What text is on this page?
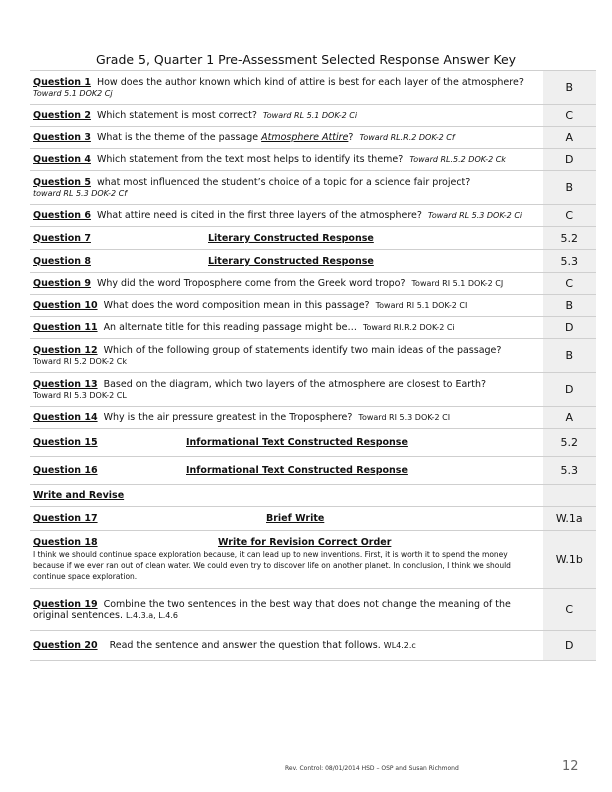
Grade 5, Quarter 1 Pre-Assessment Selected Response Answer Key
Question 1 How does the author known which kind of attire is best for each layer of the atmosphere?
Toward 5.1 DOK2 Cj	B
Question 2 Which statement is most correct? Toward RL 5.1 DOK-2 Ci	C
Question 3 What is the theme of the passage Atmosphere Attire? Toward RL.R.2 DOK-2 Cf	A
Question 4 Which statement from the text most helps to identify its theme? Toward RL.5.2 DOK-2 Ck	D

Question 5 what most influenced the student’s choice of a topic for a science fair project?
toward RL 5.3 DOK-2 Cf	B
Question 6 What attire need is cited in the first three layers of the atmosphere? Toward RL 5.3 DOK-2 Ci	C

Question 7 Literary Constructed Response	5.2

Question 8 Literary Constructed Response	5.3
Question 9 Why did the word Troposphere come from the Greek word tropo? Toward RI 5.1 DOK-2 CJ	C
Question 10 What does the word composition mean in this passage? Toward RI 5.1 DOK-2 CI	B
Question 11 An alternate title for this reading passage might be… Toward RI.R.2 DOK-2 Ci	D

Question 12 Which of the following group of statements identify two main ideas of the passage?
Toward RI 5.2 DOK-2 Ck	B

Question 13 Based on the diagram, which two layers of the atmosphere are closest to Earth?
Toward RI 5.3 DOK-2 CL	D
Question 14 Why is the air pressure greatest in the Troposphere? Toward RI 5.3 DOK-2 CI	A

Question 15 Informational Text Constructed Response	5.2

Question 16 Informational Text Constructed Response	5.3
Write and Revise	

Question 17 Brief Write	W.1a

Question 18 Write for Revision Correct Order
I think we should continue space exploration because, it can lead up to new inventions. First, it is worth it to spend the money because if we ever ran out of clean water. We could even try to discover life on another planet. In conclusion, I think we should continue space exploration.	W.1b
Question 19 Combine the two sentences in the best way that does not change the meaning of the original sentences. L.4.3.a, L.4.6	C
Question 20 Read the sentence and answer the question that follows. WL4.2.c	D
Rev. Control: 08/01/2014 HSD – OSP and Susan Richmond	12
